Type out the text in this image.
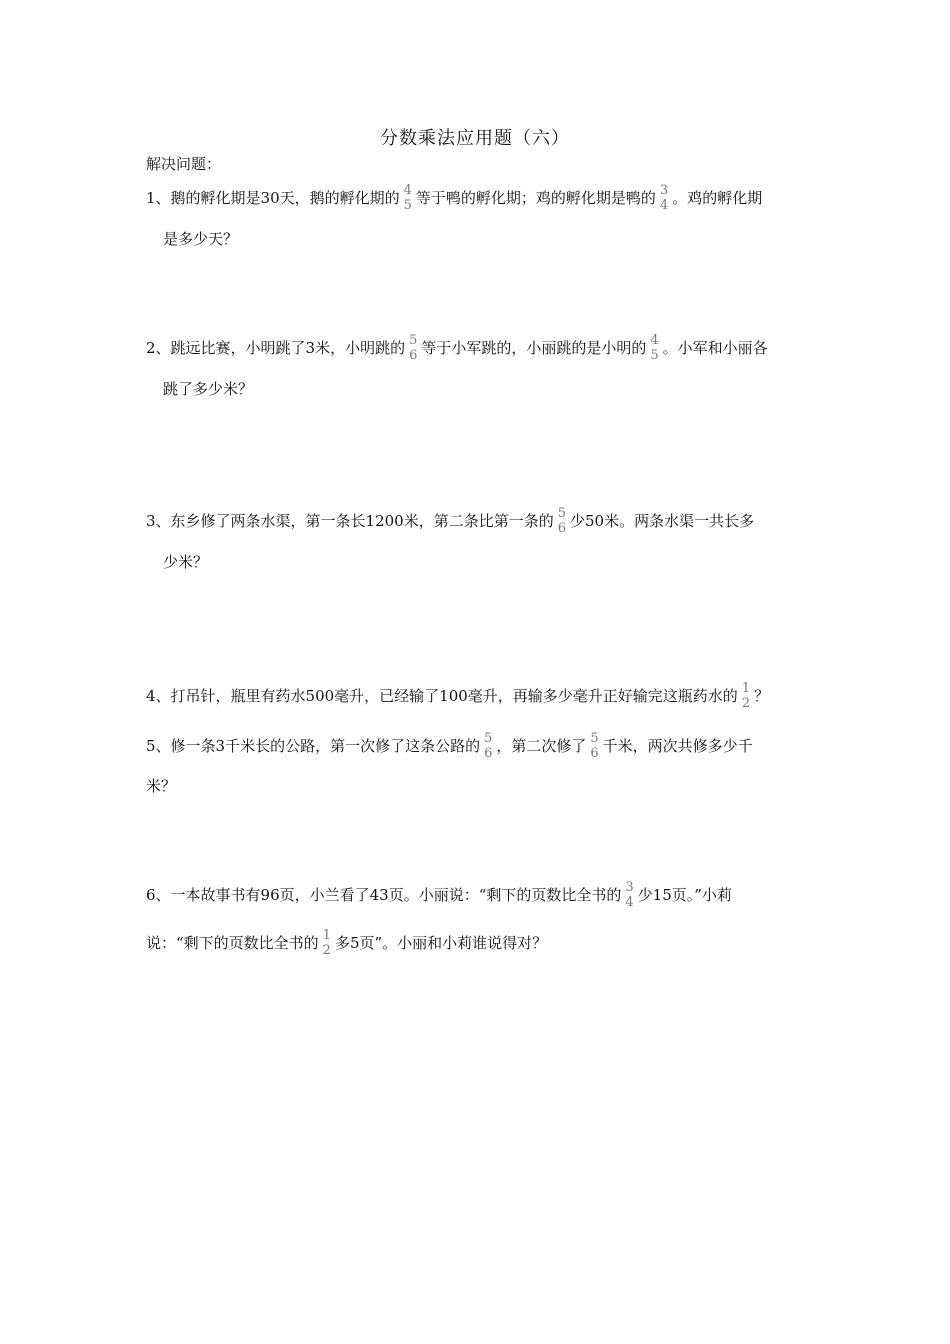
分数乘法应用题（六）
解决问题：
1、鹅的孵化期是30天，鹅的孵化期的 4
5 等于鸭的孵化期；鸡的孵化期是鸭的 3
4 。鸡的孵化期
是多少天？
2、跳远比赛，小明跳了3米，小明跳的 5
6 等于小军跳的，小丽跳的是小明的 4
5 。小军和小丽各
跳了多少米？
3、东乡修了两条水渠，第一条长1200米，第二条比第一条的 5
6 少50米。两条水渠一共长多
少米？
4、打吊针，瓶里有药水500毫升，已经输了100毫升，再输多少毫升正好输完这瓶药水的 1
2 ？
5、修一条3千米长的公路，第一次修了这条公路的 5
6 ，第二次修了 5
6 千米，两次共修多少千
米？
6、一本故事书有96页，小兰看了43页。小丽说：“剩下的页数比全书的 3
4 少15页。”小莉
说：“剩下的页数比全书的 1
2 多5页”。小丽和小莉谁说得对？
